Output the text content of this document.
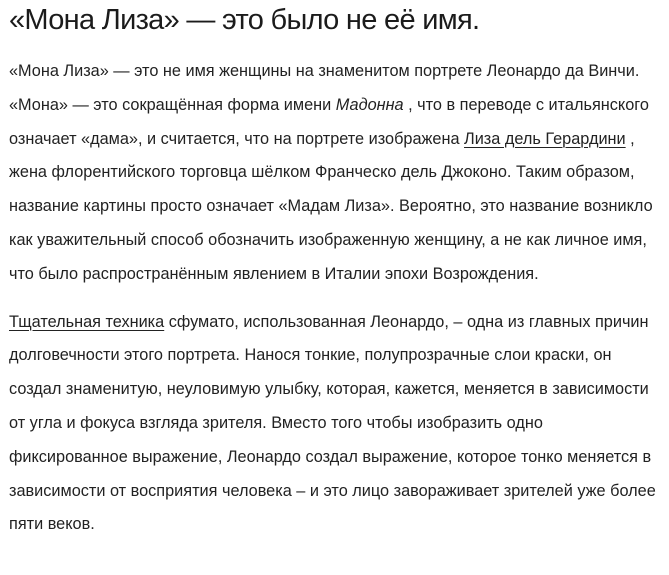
«Мона Лиза» — это было не её имя.

«Мона Лиза» — это не имя женщины на знаменитом портрете Леонардо да Винчи. «Мона» — это сокращённая форма имени Мадонна , что в переводе с итальянского означает «дама», и считается, что на портрете изображена Лиза дель Герардини , жена флорентийского торговца шёлком Франческо дель Джоконо. Таким образом, название картины просто означает «Мадам Лиза». Вероятно, это название возникло как уважительный способ обозначить изображенную женщину, а не как личное имя, что было распространённым явлением в Италии эпохи Возрождения.

Тщательная техника сфумато, использованная Леонардо, – одна из главных причин долговечности этого портрета. Нанося тонкие, полупрозрачные слои краски, он создал знаменитую, неуловимую улыбку, которая, кажется, меняется в зависимости от угла и фокуса взгляда зрителя. Вместо того чтобы изобразить одно фиксированное выражение, Леонардо создал выражение, которое тонко меняется в зависимости от восприятия человека – и это лицо завораживает зрителей уже более пяти веков.
